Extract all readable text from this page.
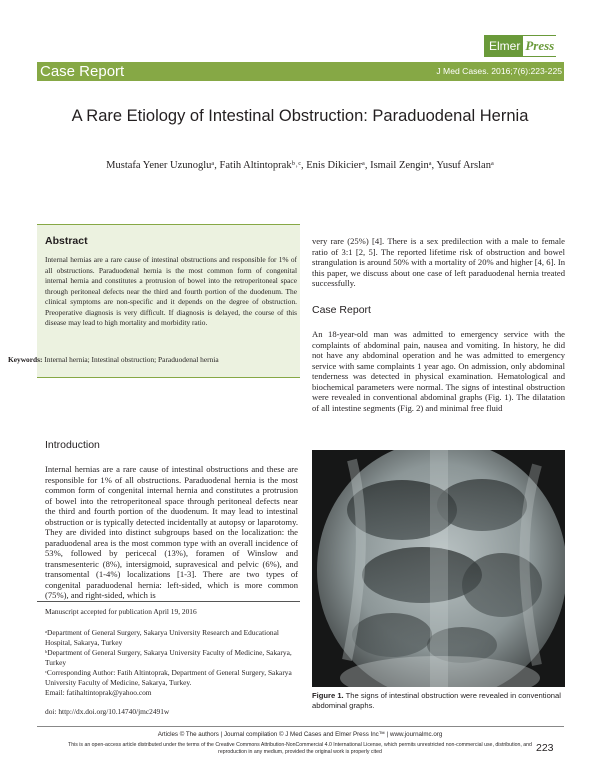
Elmer Press
Case Report	J Med Cases. 2016;7(6):223-225
A Rare Etiology of Intestinal Obstruction: Paraduodenal Hernia
Mustafa Yener Uzunogluᵃ, Fatih Altintoprakᵇ˒ᶜ, Enis Dikicierᵃ, Ismail Zenginᵃ, Yusuf Arslanᵃ
Abstract
Internal hernias are a rare cause of intestinal obstructions and responsible for 1% of all obstructions. Paraduodenal hernia is the most common form of congenital internal hernia and constitutes a protrusion of bowel into the retroperitoneal space through peritoneal defects near the third and fourth portion of the duodenum. The clinical symptoms are non-specific and it depends on the degree of obstruction. Preoperative diagnosis is very difficult. If diagnosis is delayed, the course of this disease may lead to high mortality and morbidity ratio.
Keywords: Internal hernia; Intestinal obstruction; Paraduodenal hernia
Introduction
Internal hernias are a rare cause of intestinal obstructions and these are responsible for 1% of all obstructions. Paraduodenal hernia is the most common form of congenital internal hernia and constitutes a protrusion of bowel into the retroperitoneal space through peritoneal defects near the third and fourth portion of the duodenum. It may lead to intestinal obstruction or is typically detected incidentally at autopsy or laparotomy. They are divided into distinct subgroups based on the localization: the paraduodenal area is the most common type with an overall incidence of 53%, followed by pericecal (13%), foramen of Winslow and transmesenteric (8%), intersigmoid, supravesical and pelvic (6%), and transomental (1-4%) localizations [1-3]. There are two types of congenital paraduodenal hernia: left-sided, which is more common (75%), and right-sided, which is
very rare (25%) [4]. There is a sex predilection with a male to female ratio of 3:1 [2, 5]. The reported lifetime risk of obstruction and bowel strangulation is around 50% with a mortality of 20% and higher [4, 6]. In this paper, we discuss about one case of left paraduodenal hernia treated successfully.
Case Report
An 18-year-old man was admitted to emergency service with the complaints of abdominal pain, nausea and vomiting. In history, he did not have any abdominal operation and he was admitted to emergency service with same complaints 1 year ago. On admission, only abdominal tenderness was detected in physical examination. Hematological and biochemical parameters were normal. The signs of intestinal obstruction were revealed in conventional abdominal graphs (Fig. 1). The dilatation of all intestine segments (Fig. 2) and minimal free fluid
Manuscript accepted for publication April 19, 2016
ᵃDepartment of General Surgery, Sakarya University Research and Educational Hospital, Sakarya, Turkey
ᵇDepartment of General Surgery, Sakarya University Faculty of Medicine, Sakarya, Turkey
ᶜCorresponding Author: Fatih Altintoprak, Department of General Surgery, Sakarya University Faculty of Medicine, Sakarya, Turkey.
Email: fatihaltintoprak@yahoo.com
doi: http://dx.doi.org/10.14740/jmc2491w
Figure 1. The signs of intestinal obstruction were revealed in conventional abdominal graphs.
Articles © The authors | Journal compilation © J Med Cases and Elmer Press Inc™ | www.journalmc.org
This is an open-access article distributed under the terms of the Creative Commons Attribution-NonCommercial 4.0 International License, which permits unrestricted non-commercial use, distribution, and reproduction in any medium, provided the original work is properly cited	223
